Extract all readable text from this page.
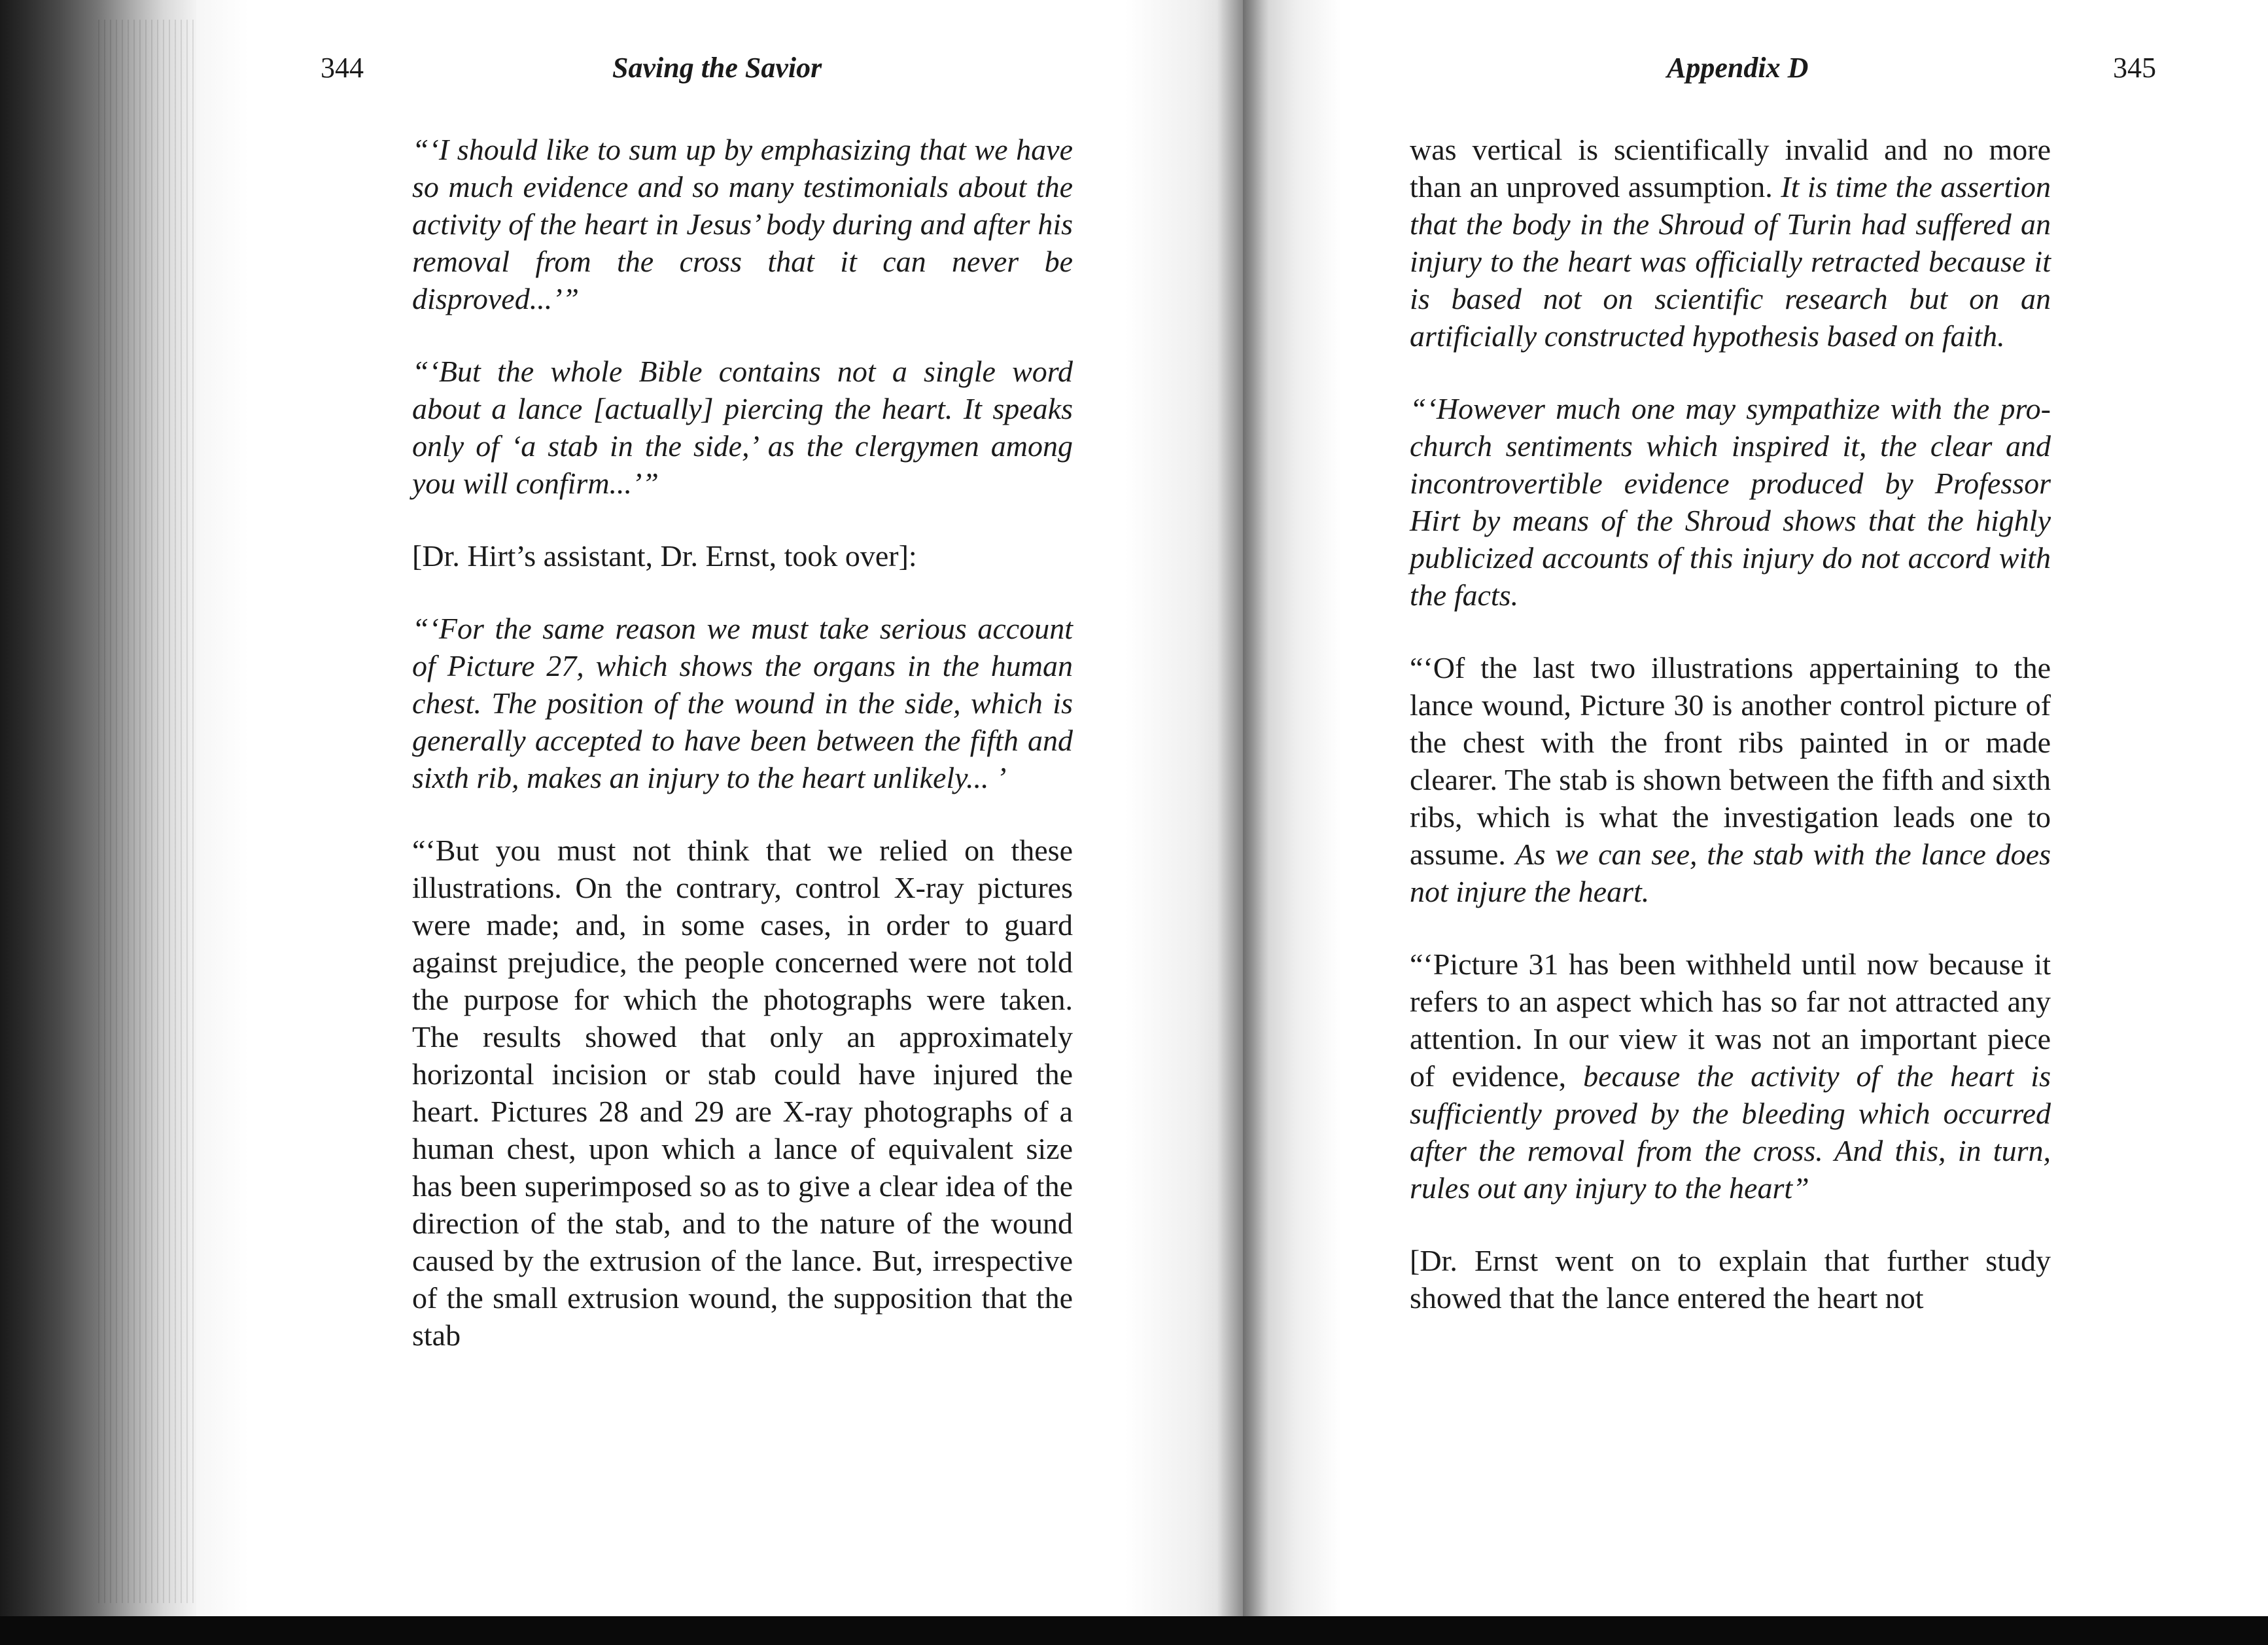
344	Saving the Savior

“‘I should like to sum up by emphasizing that we have so much evidence and so many testimonials about the activity of the heart in Jesus’ body during and after his removal from the cross that it can never be disproved...’”

“‘But the whole Bible contains not a single word about a lance [actually] piercing the heart. It speaks only of ‘a stab in the side,’ as the clergymen among you will confirm...’”

[Dr. Hirt’s assistant, Dr. Ernst, took over]:

“‘For the same reason we must take serious account of Picture 27, which shows the organs in the human chest. The position of the wound in the side, which is generally accepted to have been between the fifth and sixth rib, makes an injury to the heart unlikely... ’

“‘But you must not think that we relied on these illustrations. On the contrary, control X-ray pictures were made; and, in some cases, in order to guard against prejudice, the people concerned were not told the purpose for which the photographs were taken. The results showed that only an approximately horizontal incision or stab could have injured the heart. Pictures 28 and 29 are X-ray photographs of a human chest, upon which a lance of equivalent size has been superimposed so as to give a clear idea of the direction of the stab, and to the nature of the wound caused by the extrusion of the lance. But, irrespective of the small extrusion wound, the supposition that the stab

Appendix D	345

was vertical is scientifically invalid and no more than an unproved assumption. It is time the assertion that the body in the Shroud of Turin had suffered an injury to the heart was officially retracted because it is based not on scientific research but on an artificially constructed hypothesis based on faith.

“‘However much one may sympathize with the pro-church sentiments which inspired it, the clear and incontrovertible evidence produced by Professor Hirt by means of the Shroud shows that the highly publicized accounts of this injury do not accord with the facts.

“‘Of the last two illustrations appertaining to the lance wound, Picture 30 is another control picture of the chest with the front ribs painted in or made clearer. The stab is shown between the fifth and sixth ribs, which is what the investigation leads one to assume. As we can see, the stab with the lance does not injure the heart.

“‘Picture 31 has been withheld until now because it refers to an aspect which has so far not attracted any attention. In our view it was not an important piece of evidence, because the activity of the heart is sufficiently proved by the bleeding which occurred after the removal from the cross. And this, in turn, rules out any injury to the heart”

[Dr. Ernst went on to explain that further study showed that the lance entered the heart not
